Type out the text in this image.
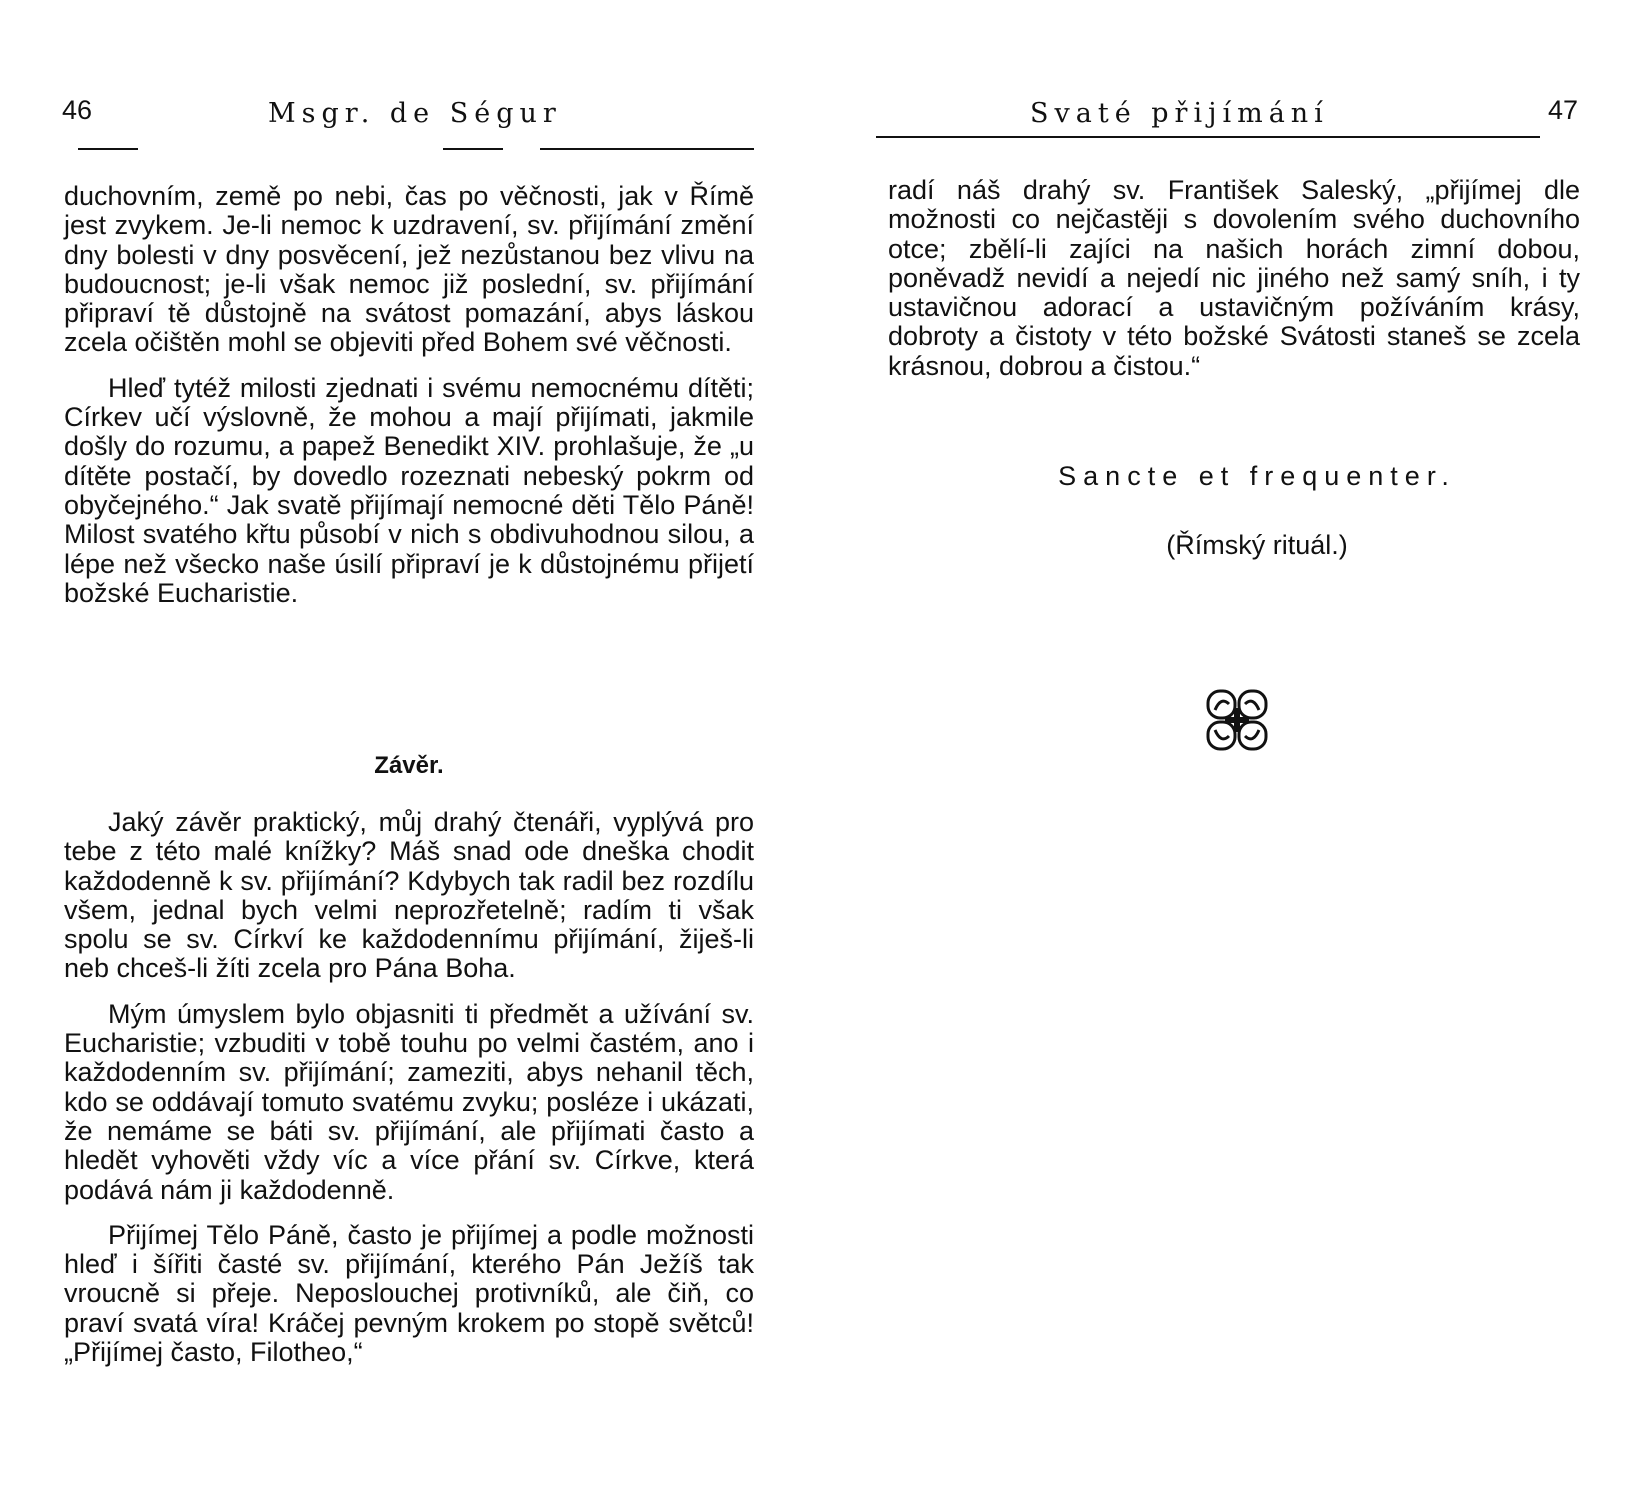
46	Msgr. de Ségur

duchovním, země po nebi, čas po věčnosti, jak v Římě jest zvykem. Je-li nemoc k uzdravení, sv. přijímání změní dny bolesti v dny posvěcení, jež nezůstanou bez vlivu na budoucnost; je-li však nemoc již poslední, sv. přijímání připraví tě důstojně na svátost pomazání, abys láskou zcela očištěn mohl se objeviti před Bohem své věčnosti.

Hleď tytéž milosti zjednati i svému nemocnému dítěti; Církev učí výslovně, že mohou a mají přijímati, jakmile došly do rozumu, a papež Benedikt XIV. prohlašuje, že „u dítěte postačí, by dovedlo rozeznati nebeský pokrm od obyčejného.“ Jak svatě přijímají nemocné děti Tělo Páně! Milost svatého křtu působí v nich s obdivuhodnou silou, a lépe než všecko naše úsilí připraví je k důstojnému přijetí božské Eucharistie.

Závěr.

Jaký závěr praktický, můj drahý čtenáři, vyplývá pro tebe z této malé knížky? Máš snad ode dneška chodit každodenně k sv. přijímání? Kdybych tak radil bez rozdílu všem, jednal bych velmi neprozřetelně; radím ti však spolu se sv. Církví ke každodennímu přijímání, žiješ-li neb chceš-li žíti zcela pro Pána Boha.

Mým úmyslem bylo objasniti ti předmět a užívání sv. Eucharistie; vzbuditi v tobě touhu po velmi častém, ano i každodenním sv. přijímání; zameziti, abys nehanil těch, kdo se oddávají tomuto svatému zvyku; posléze i ukázati, že nemáme se báti sv. přijímání, ale přijímati často a hledět vyhověti vždy víc a více přání sv. Církve, která podává nám ji každodenně.

Přijímej Tělo Páně, často je přijímej a podle možnosti hleď i šířiti časté sv. přijímání, kterého Pán Ježíš tak vroucně si přeje. Neposlouchej protivníků, ale čiň, co praví svatá víra! Kráčej pevným krokem po stopě světců! „Přijímej často, Filotheo,“

Svaté přijímání	47

radí náš drahý sv. František Saleský, „přijímej dle možnosti co nejčastěji s dovolením svého duchovního otce; zbělí-li zajíci na našich horách zimní dobou, poněvadž nevidí a nejedí nic jiného než samý sníh, i ty ustavičnou adorací a ustavičným požíváním krásy, dobroty a čistoty v této božské Svátosti staneš se zcela krásnou, dobrou a čistou.“

Sancte et frequenter.
(Římský rituál.)
